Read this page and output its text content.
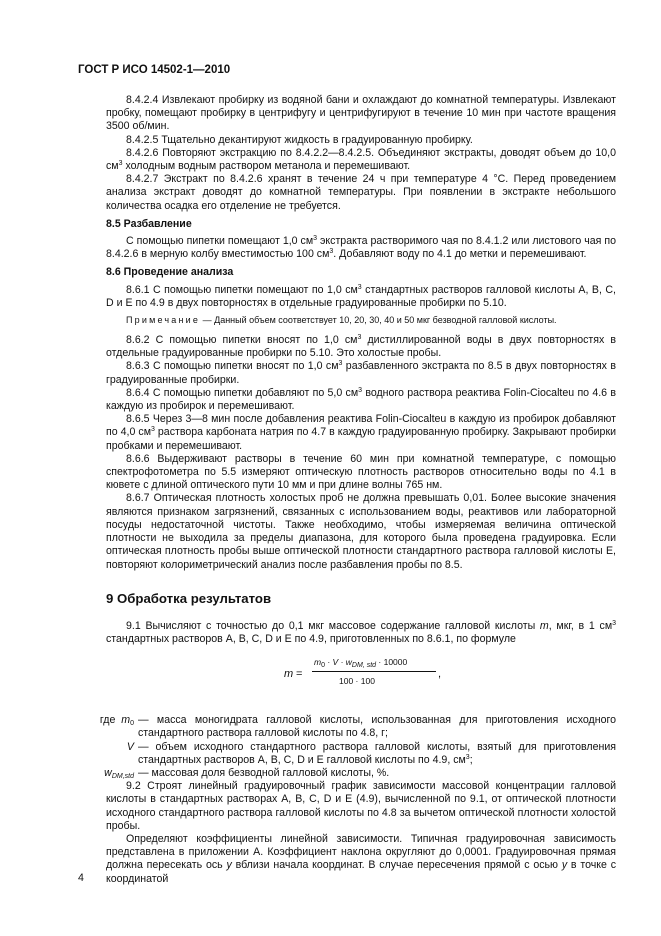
ГОСТ Р ИСО 14502-1—2010

8.4.2.4 Извлекают пробирку из водяной бани и охлаждают до комнатной температуры. Извлекают пробку, помещают пробирку в центрифугу и центрифугируют в течение 10 мин при частоте вращения 3500 об/мин.

8.4.2.5 Тщательно декантируют жидкость в градуированную пробирку.

8.4.2.6 Повторяют экстракцию по 8.4.2.2—8.4.2.5. Объединяют экстракты, доводят объем до 10,0 $см^3$ холодным водным раствором метанола и перемешивают.

8.4.2.7 Экстракт по 8.4.2.6 хранят в течение 24 ч при температуре 4 °С. Перед проведением анализа экстракт доводят до комнатной температуры. При появлении в экстракте небольшого количества осадка его отделение не требуется.

8.5 Разбавление

С помощью пипетки помещают 1,0 $см^3$ экстракта растворимого чая по 8.4.1.2 или листового чая по 8.4.2.6 в мерную колбу вместимостью 100 $см^3$. Добавляют воду по 4.1 до метки и перемешивают.

8.6 Проведение анализа

8.6.1 С помощью пипетки помещают по 1,0 $см^3$ стандартных растворов галловой кислоты А, В, С, D и Е по 4.9 в двух повторностях в отдельные градуированные пробирки по 5.10.

Примечание — Данный объем соответствует 10, 20, 30, 40 и 50 мкг безводной галловой кислоты.

8.6.2 С помощью пипетки вносят по 1,0 $см^3$ дистиллированной воды в двух повторностях в отдельные градуированные пробирки по 5.10. Это холостые пробы.

8.6.3 С помощью пипетки вносят по 1,0 $см^3$ разбавленного экстракта по 8.5 в двух повторностях в градуированные пробирки.

8.6.4 С помощью пипетки добавляют по 5,0 $см^3$ водного раствора реактива Folin-Ciocalteu по 4.6 в каждую из пробирок и перемешивают.

8.6.5 Через 3—8 мин после добавления реактива Folin-Ciocalteu в каждую из пробирок добавляют по 4,0 $см^3$ раствора карбоната натрия по 4.7 в каждую градуированную пробирку. Закрывают пробирки пробками и перемешивают.

8.6.6 Выдерживают растворы в течение 60 мин при комнатной температуре, с помощью спектрофотометра по 5.5 измеряют оптическую плотность растворов относительно воды по 4.1 в кювете с длиной оптического пути 10 мм и при длине волны 765 нм.

8.6.7 Оптическая плотность холостых проб не должна превышать 0,01. Более высокие значения являются признаком загрязнений, связанных с использованием воды, реактивов или лабораторной посуды недостаточной чистоты. Также необходимо, чтобы измеряемая величина оптической плотности не выходила за пределы диапазона, для которого была проведена градуировка. Если оптическая плотность пробы выше оптической плотности стандартного раствора галловой кислоты Е, повторяют колориметрический анализ после разбавления пробы по 8.5.

9 Обработка результатов

9.1 Вычисляют с точностью до 0,1 мкг массовое содержание галловой кислоты m, мкг, в 1 $см^3$ стандартных растворов А, В, С, D и Е по 4.9, приготовленных по 8.6.1, по формуле

m =
$m_0 \cdot V \cdot w_{DM, std} \cdot 10000$
100 · 100
,
где $m_0$ — масса моногидрата галловой кислоты, использованная для приготовления исходного стандартного раствора галловой кислоты по 4.8, г;
V — объем исходного стандартного раствора галловой кислоты, взятый для приготовления стандартных растворов А, В, С, D и Е галловой кислоты по 4.9, $см^3$;
$w_{DM,std}$ — массовая доля безводной галловой кислоты, %.

9.2 Строят линейный градуировочный график зависимости массовой концентрации галловой кислоты в стандартных растворах А, В, С, D и Е (4.9), вычисленной по 9.1, от оптической плотности исходного стандартного раствора галловой кислоты по 4.8 за вычетом оптической плотности холостой пробы.

Определяют коэффициенты линейной зависимости. Типичная градуировочная зависимость представлена в приложении А. Коэффициент наклона округляют до 0,0001. Градуировочная прямая должна пересекать ось у вблизи начала координат. В случае пересечения прямой с осью у в точке с координатой

4
